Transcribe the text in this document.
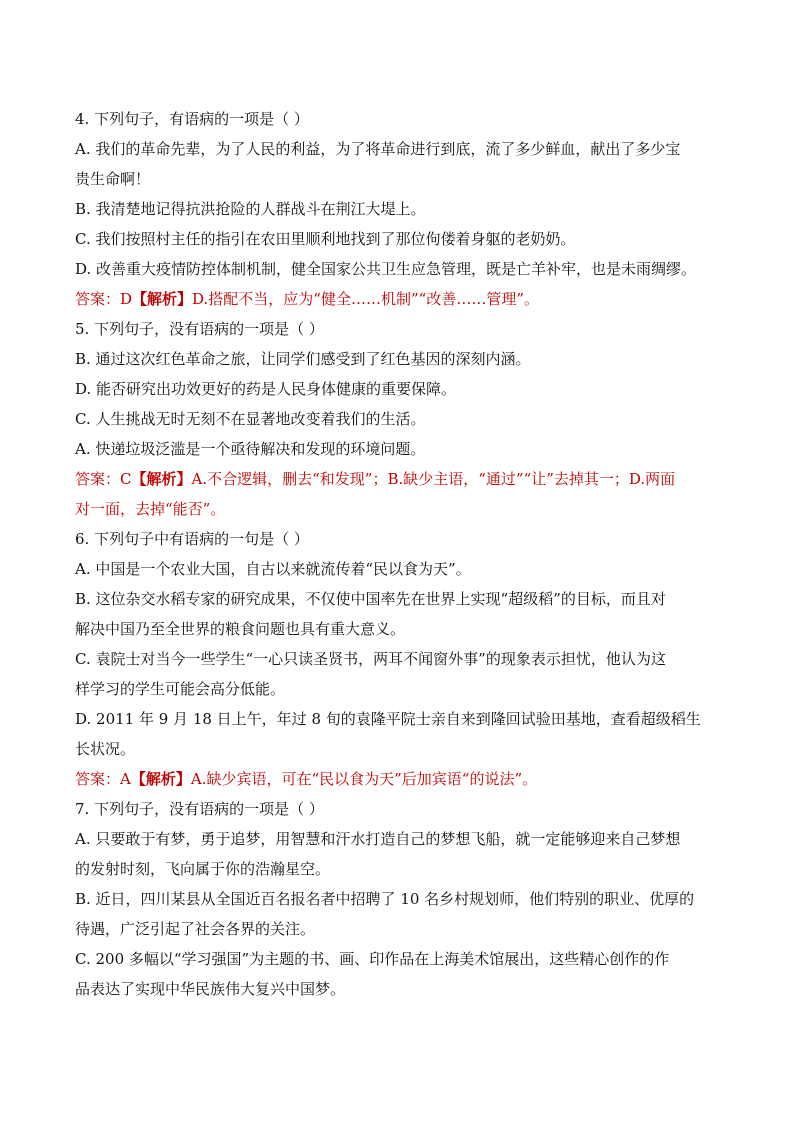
4. 下列句子，有语病的一项是（ ）
A. 我们的革命先辈，为了人民的利益，为了将革命进行到底，流了多少鲜血，献出了多少宝
贵生命啊！
B. 我清楚地记得抗洪抢险的人群战斗在荆江大堤上。
C. 我们按照村主任的指引在农田里顺利地找到了那位佝偻着身躯的老奶奶。
D. 改善重大疫情防控体制机制，健全国家公共卫生应急管理，既是亡羊补牢，也是未雨绸缪。
答案：D【解析】D.搭配不当，应为“健全……机制”“改善……管理”。
5. 下列句子，没有语病的一项是（ ）
B. 通过这次红色革命之旅，让同学们感受到了红色基因的深刻内涵。
D. 能否研究出功效更好的药是人民身体健康的重要保障。
C. 人生挑战无时无刻不在显著地改变着我们的生活。
A. 快递垃圾泛滥是一个亟待解决和发现的环境问题。
答案：C【解析】A.不合逻辑，删去“和发现”；B.缺少主语，“通过”“让”去掉其一；D.两面
对一面，去掉“能否”。
6. 下列句子中有语病的一句是（ ）
A. 中国是一个农业大国，自古以来就流传着“民以食为天”。
B. 这位杂交水稻专家的研究成果，不仅使中国率先在世界上实现“超级稻”的目标，而且对
解决中国乃至全世界的粮食问题也具有重大意义。
C. 袁院士对当今一些学生“一心只读圣贤书，两耳不闻窗外事”的现象表示担忧，他认为这
样学习的学生可能会高分低能。
D. 2011 年 9 月 18 日上午，年过 8 旬的袁隆平院士亲自来到隆回试验田基地，查看超级稻生
长状况。
答案：A【解析】A.缺少宾语，可在“民以食为天”后加宾语“的说法”。
7. 下列句子，没有语病的一项是（ ）
A. 只要敢于有梦，勇于追梦，用智慧和汗水打造自己的梦想飞船，就一定能够迎来自己梦想
的发射时刻，飞向属于你的浩瀚星空。
B. 近日，四川某县从全国近百名报名者中招聘了 10 名乡村规划师，他们特别的职业、优厚的
待遇，广泛引起了社会各界的关注。
C. 200 多幅以“学习强国”为主题的书、画、印作品在上海美术馆展出，这些精心创作的作
品表达了实现中华民族伟大复兴中国梦。
